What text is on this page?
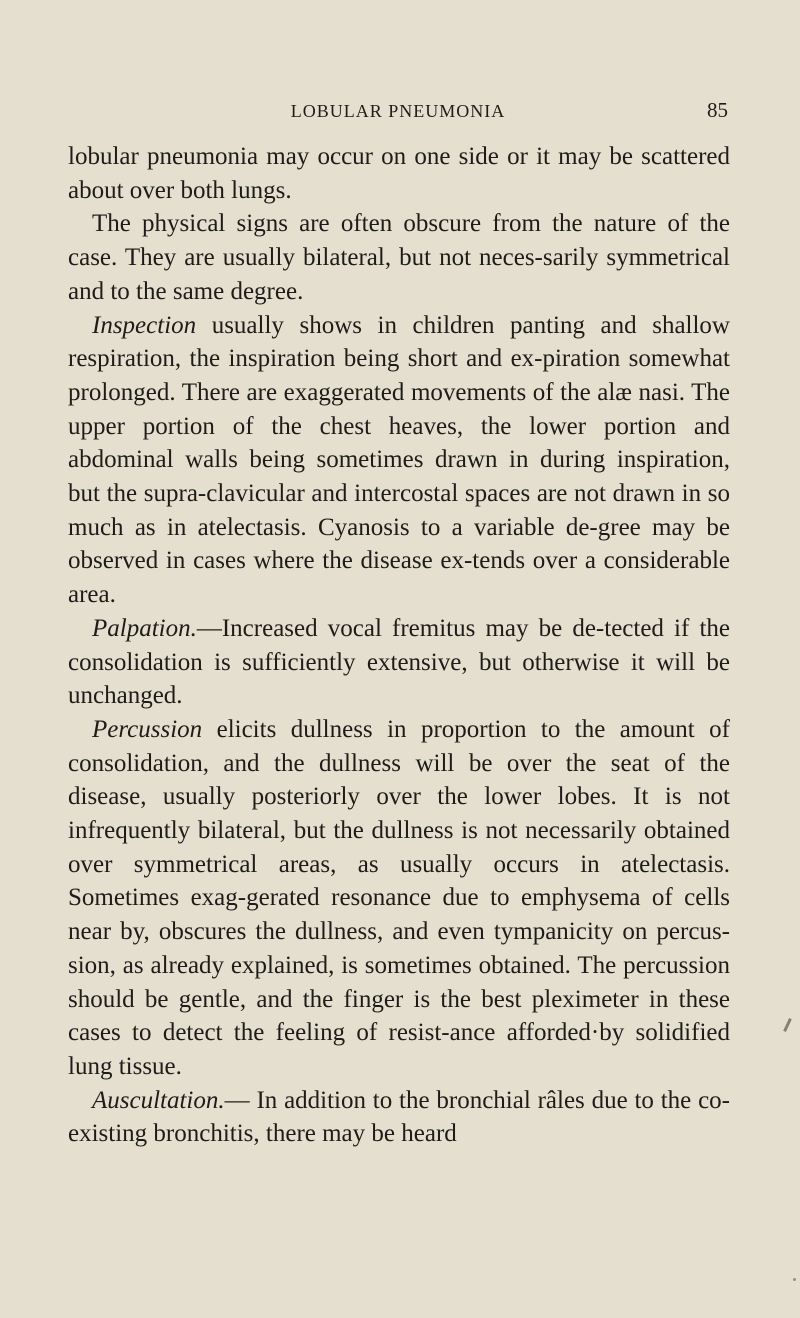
LOBULAR PNEUMONIA	85

lobular pneumonia may occur on one side or it may be scattered about over both lungs.

The physical signs are often obscure from the nature of the case. They are usually bilateral, but not neces-sarily symmetrical and to the same degree.

Inspection usually shows in children panting and shallow respiration, the inspiration being short and ex-piration somewhat prolonged. There are exaggerated movements of the alæ nasi. The upper portion of the chest heaves, the lower portion and abdominal walls being sometimes drawn in during inspiration, but the supra-clavicular and intercostal spaces are not drawn in so much as in atelectasis. Cyanosis to a variable de-gree may be observed in cases where the disease ex-tends over a considerable area.

Palpation.—Increased vocal fremitus may be de-tected if the consolidation is sufficiently extensive, but otherwise it will be unchanged.

Percussion elicits dullness in proportion to the amount of consolidation, and the dullness will be over the seat of the disease, usually posteriorly over the lower lobes. It is not infrequently bilateral, but the dullness is not necessarily obtained over symmetrical areas, as usually occurs in atelectasis. Sometimes exag-gerated resonance due to emphysema of cells near by, obscures the dullness, and even tympanicity on percus-sion, as already explained, is sometimes obtained. The percussion should be gentle, and the finger is the best pleximeter in these cases to detect the feeling of resist-ance afforded·by solidified lung tissue.

Auscultation.— In addition to the bronchial râles due to the co-existing bronchitis, there may be heard
